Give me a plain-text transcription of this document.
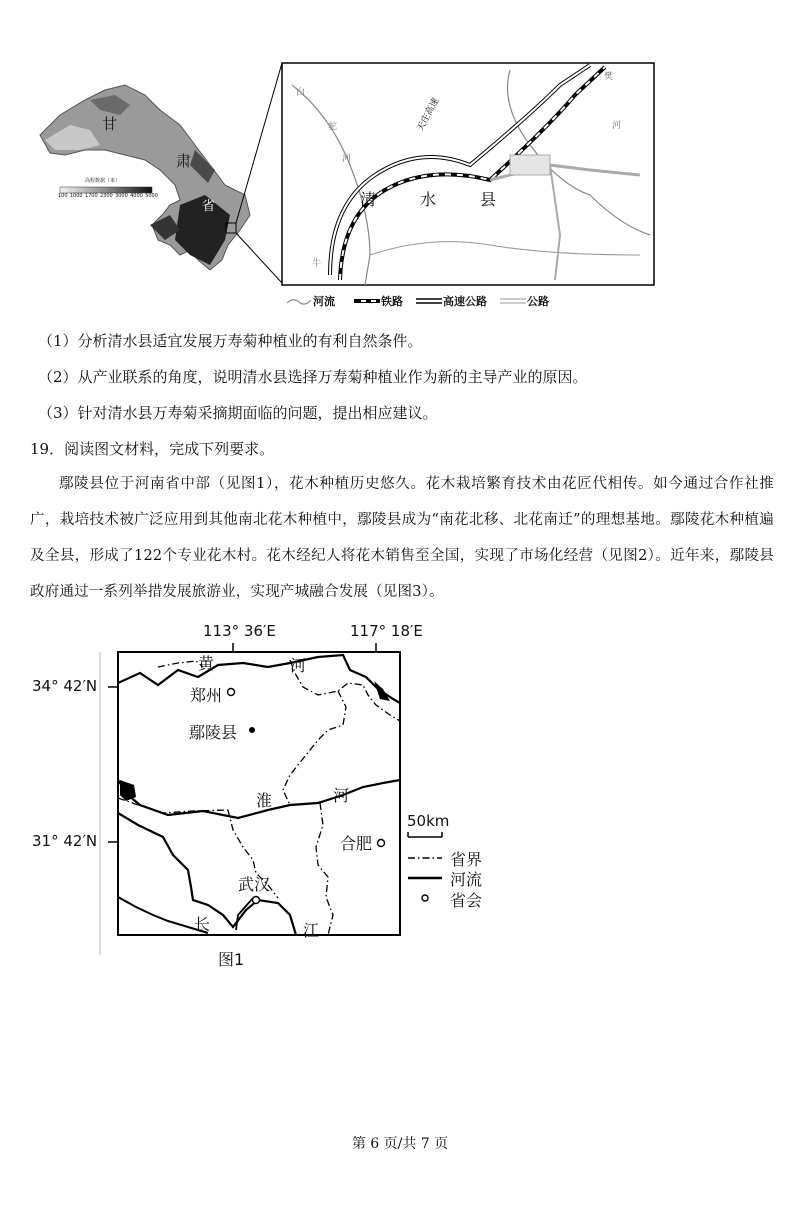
甘
肃
省
高程数据（米）
100 1000 1700 2300 3000 4000 5000	清	水	县
天庄高速
白
驼
河
牛
樊
河
河流	铁路	高速公路	公路
（1）分析清水县适宜发展万寿菊种植业的有利自然条件。
（2）从产业联系的角度，说明清水县选择万寿菊种植业作为新的主导产业的原因。
（3）针对清水县万寿菊采摘期面临的问题，提出相应建议。
19．阅读图文材料，完成下列要求。
鄢陵县位于河南省中部（见图1），花木种植历史悠久。花木栽培繁育技术由花匠代相传。如今通过合作社推广，栽培技术被广泛应用到其他南北花木种植中，鄢陵县成为“南花北移、北花南迁”的理想基地。鄢陵花木种植遍及全县，形成了122个专业花木村。花木经纪人将花木销售至全国，实现了市场化经营（见图2）。近年来，鄢陵县政府通过一系列举措发展旅游业，实现产城融合发展（见图3）。
113° 36′E	117° 18′E
34° 42′N
31° 42′N
黄	河
郑州
鄢陵县
淮	河
合肥
武汉
长	江
50km
省界
河流
省会
图1
第 6 页/共 7 页
